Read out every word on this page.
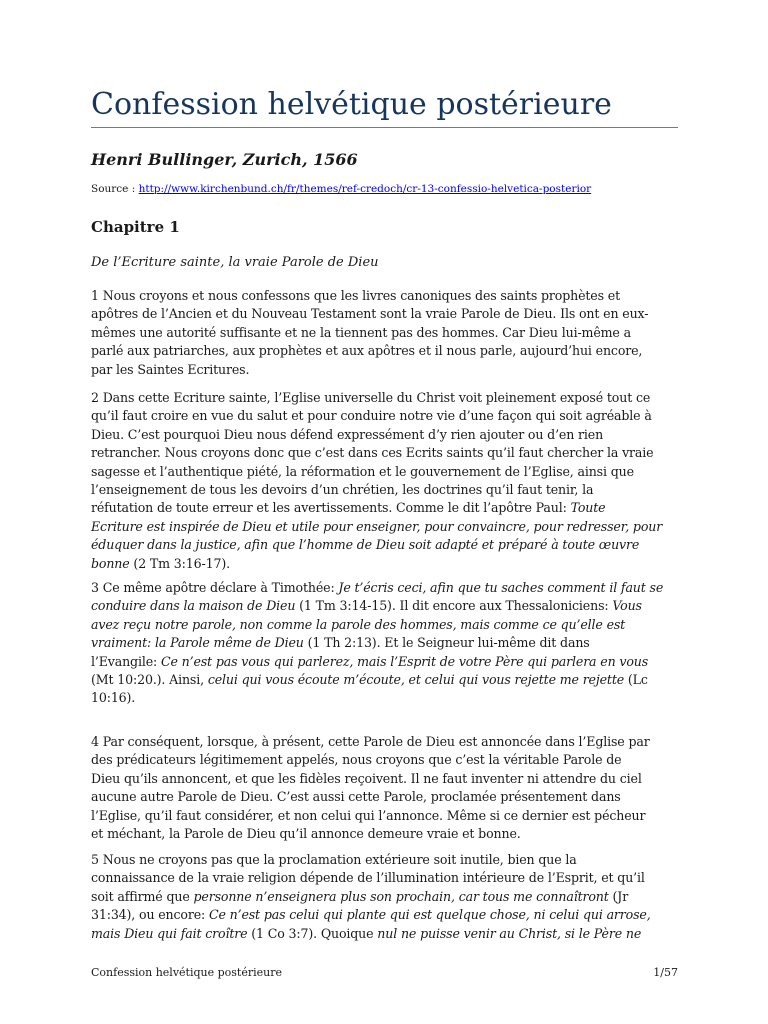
Confession helvétique postérieure

Henri Bullinger, Zurich, 1566

Source : http://www.kirchenbund.ch/fr/themes/ref-credoch/cr-13-confessio-helvetica-posterior

Chapitre 1

De l’Ecriture sainte, la vraie Parole de Dieu

1 Nous croyons et nous confessons que les livres canoniques des saints prophètes et
apôtres de l’Ancien et du Nouveau Testament sont la vraie Parole de Dieu. Ils ont en eux-
mêmes une autorité suffisante et ne la tiennent pas des hommes. Car Dieu lui-même a
parlé aux patriarches, aux prophètes et aux apôtres et il nous parle, aujourd’hui encore,
par les Saintes Ecritures.

2 Dans cette Ecriture sainte, l’Eglise universelle du Christ voit pleinement exposé tout ce
qu’il faut croire en vue du salut et pour conduire notre vie d’une façon qui soit agréable à
Dieu. C’est pourquoi Dieu nous défend expressément d’y rien ajouter ou d’en rien
retrancher. Nous croyons donc que c’est dans ces Ecrits saints qu’il faut chercher la vraie
sagesse et l’authentique piété, la réformation et le gouvernement de l’Eglise, ainsi que
l’enseignement de tous les devoirs d’un chrétien, les doctrines qu’il faut tenir, la
réfutation de toute erreur et les avertissements. Comme le dit l’apôtre Paul: Toute
Ecriture est inspirée de Dieu et utile pour enseigner, pour convaincre, pour redresser, pour
éduquer dans la justice, afin que l’homme de Dieu soit adapté et préparé à toute œuvre
bonne (2 Tm 3:16-17).

3 Ce même apôtre déclare à Timothée: Je t’écris ceci, afin que tu saches comment il faut se
conduire dans la maison de Dieu (1 Tm 3:14-15). Il dit encore aux Thessaloniciens: Vous
avez reçu notre parole, non comme la parole des hommes, mais comme ce qu’elle est
vraiment: la Parole même de Dieu (1 Th 2:13). Et le Seigneur lui-même dit dans
l’Evangile: Ce n’est pas vous qui parlerez, mais l’Esprit de votre Père qui parlera en vous
(Mt 10:20.). Ainsi, celui qui vous écoute m’écoute, et celui qui vous rejette me rejette (Lc
10:16).

4 Par conséquent, lorsque, à présent, cette Parole de Dieu est annoncée dans l’Eglise par
des prédicateurs légitimement appelés, nous croyons que c’est la véritable Parole de
Dieu qu’ils annoncent, et que les fidèles reçoivent. Il ne faut inventer ni attendre du ciel
aucune autre Parole de Dieu. C’est aussi cette Parole, proclamée présentement dans
l’Eglise, qu’il faut considérer, et non celui qui l’annonce. Même si ce dernier est pécheur
et méchant, la Parole de Dieu qu’il annonce demeure vraie et bonne.

5 Nous ne croyons pas que la proclamation extérieure soit inutile, bien que la
connaissance de la vraie religion dépende de l’illumination intérieure de l’Esprit, et qu’il
soit affirmé que personne n’enseignera plus son prochain, car tous me connaîtront (Jr
31:34), ou encore: Ce n’est pas celui qui plante qui est quelque chose, ni celui qui arrose,
mais Dieu qui fait croître (1 Co 3:7). Quoique nul ne puisse venir au Christ, si le Père ne

Confession helvétique postérieure	1/57
